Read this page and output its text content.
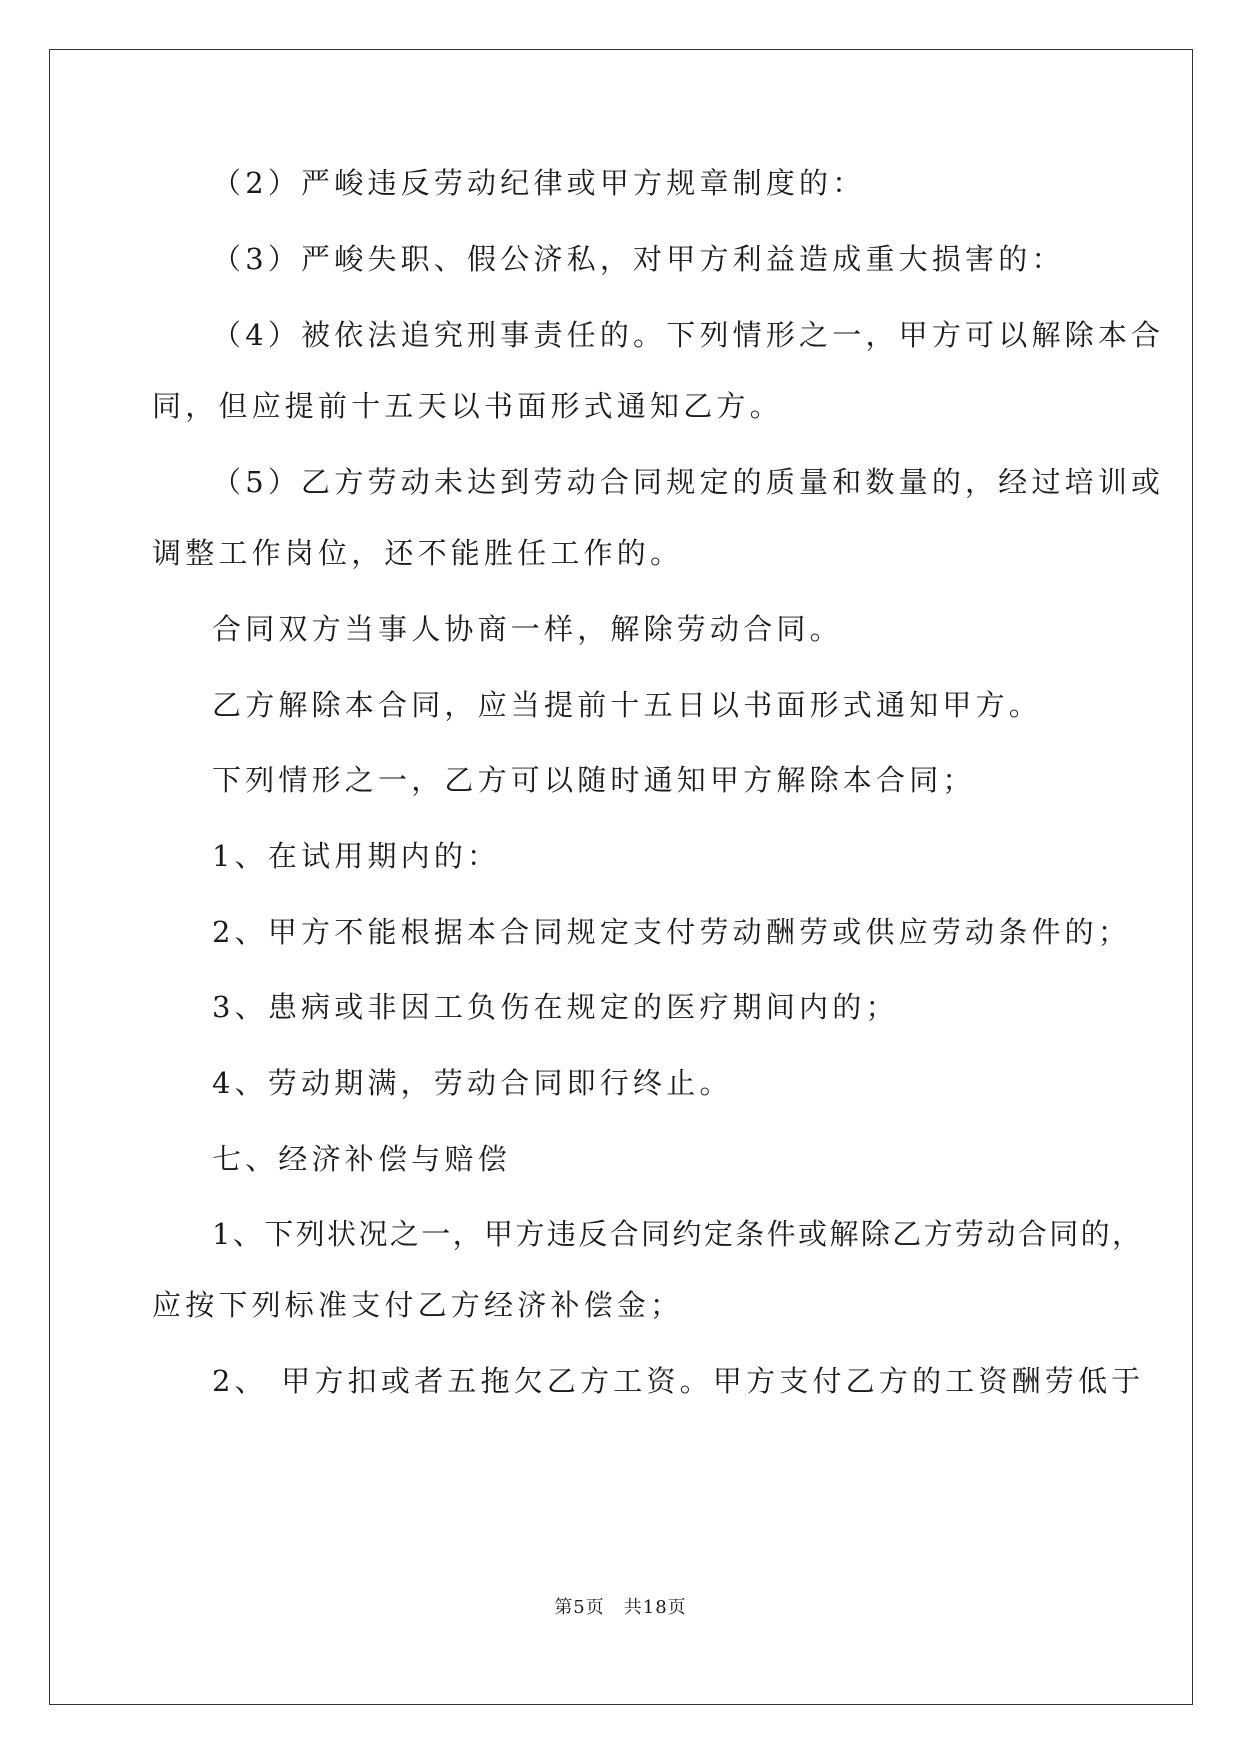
（2）严峻违反劳动纪律或甲方规章制度的：
（3）严峻失职、假公济私，对甲方利益造成重大损害的：
（4）被依法追究刑事责任的。下列情形之一，甲方可以解除本合
同，但应提前十五天以书面形式通知乙方。
（5）乙方劳动未达到劳动合同规定的质量和数量的，经过培训或
调整工作岗位，还不能胜任工作的。
合同双方当事人协商一样，解除劳动合同。
乙方解除本合同，应当提前十五日以书面形式通知甲方。
下列情形之一，乙方可以随时通知甲方解除本合同；
1、在试用期内的：
2、甲方不能根据本合同规定支付劳动酬劳或供应劳动条件的；
3、患病或非因工负伤在规定的医疗期间内的；
4、劳动期满，劳动合同即行终止。
七、经济补偿与赔偿
1、下列状况之一，甲方违反合同约定条件或解除乙方劳动合同的，
应按下列标准支付乙方经济补偿金；
2、 甲方扣或者五拖欠乙方工资。甲方支付乙方的工资酬劳低于
第5页　共18页
